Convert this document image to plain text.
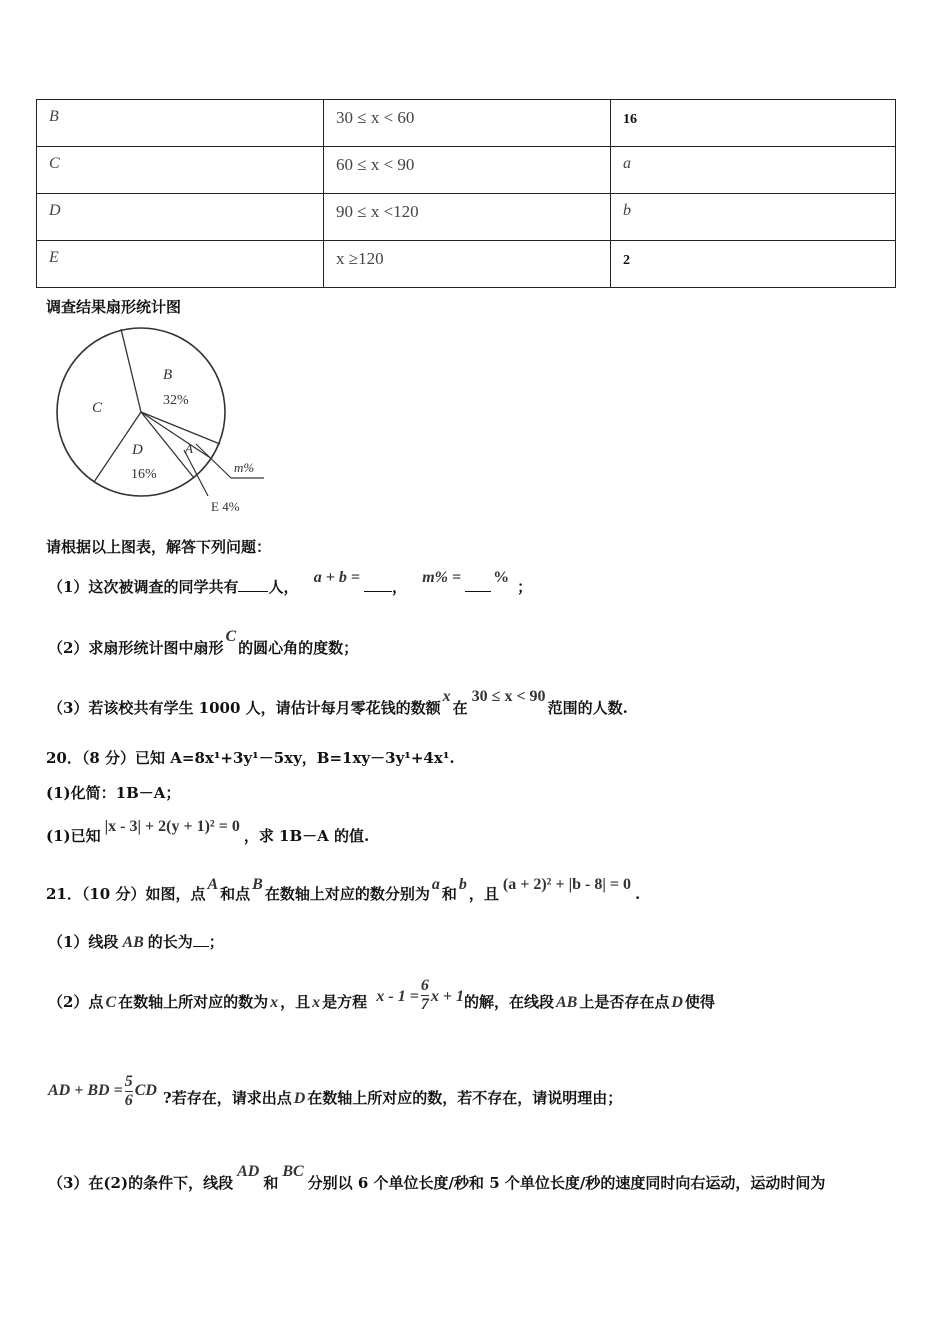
B	30 ≤ x < 60	16

C	60 ≤ x < 90	a

D	90 ≤ x <120	b

E	x ≥120	2
调查结果扇形统计图
B
32%
C
D
16%
A
m%
E 4%
请根据以上图表，解答下列问题：
（1）这次被调查的同学共有 人， a + b =， m% = %；
（2）求扇形统计图中扇形C的圆心角的度数；
（3）若该校共有学生 1000 人，请估计每月零花钱的数额x在30 ≤ x < 90范围的人数.
20．（8 分）已知 A=8x¹+3y¹－5xy，B=1xy－3y¹+4x¹.
(1)化简：1B－A；
(1)已知|x - 3| + 2(y + 1)² = 0，求 1B－A 的值.
21．（10 分）如图，点A和点B在数轴上对应的数分别为a和b，且(a + 2)² + |b - 8| = 0.
（1）线段 AB 的长为 ；
（2）点 C 在数轴上所对应的数为 x ，且 x 是方程 $x - 1 = \frac{6}{7}$ x + 1的解，在线段 AB 上是否存在点 D 使得
AD + BD = $\frac{5}{6}$ CD ?若存在，请求出点 D 在数轴上所对应的数，若不存在，请说明理由；
（3）在(2)的条件下，线段AD和BC分别以 6 个单位长度/秒和 5 个单位长度/秒的速度同时向右运动，运动时间为
